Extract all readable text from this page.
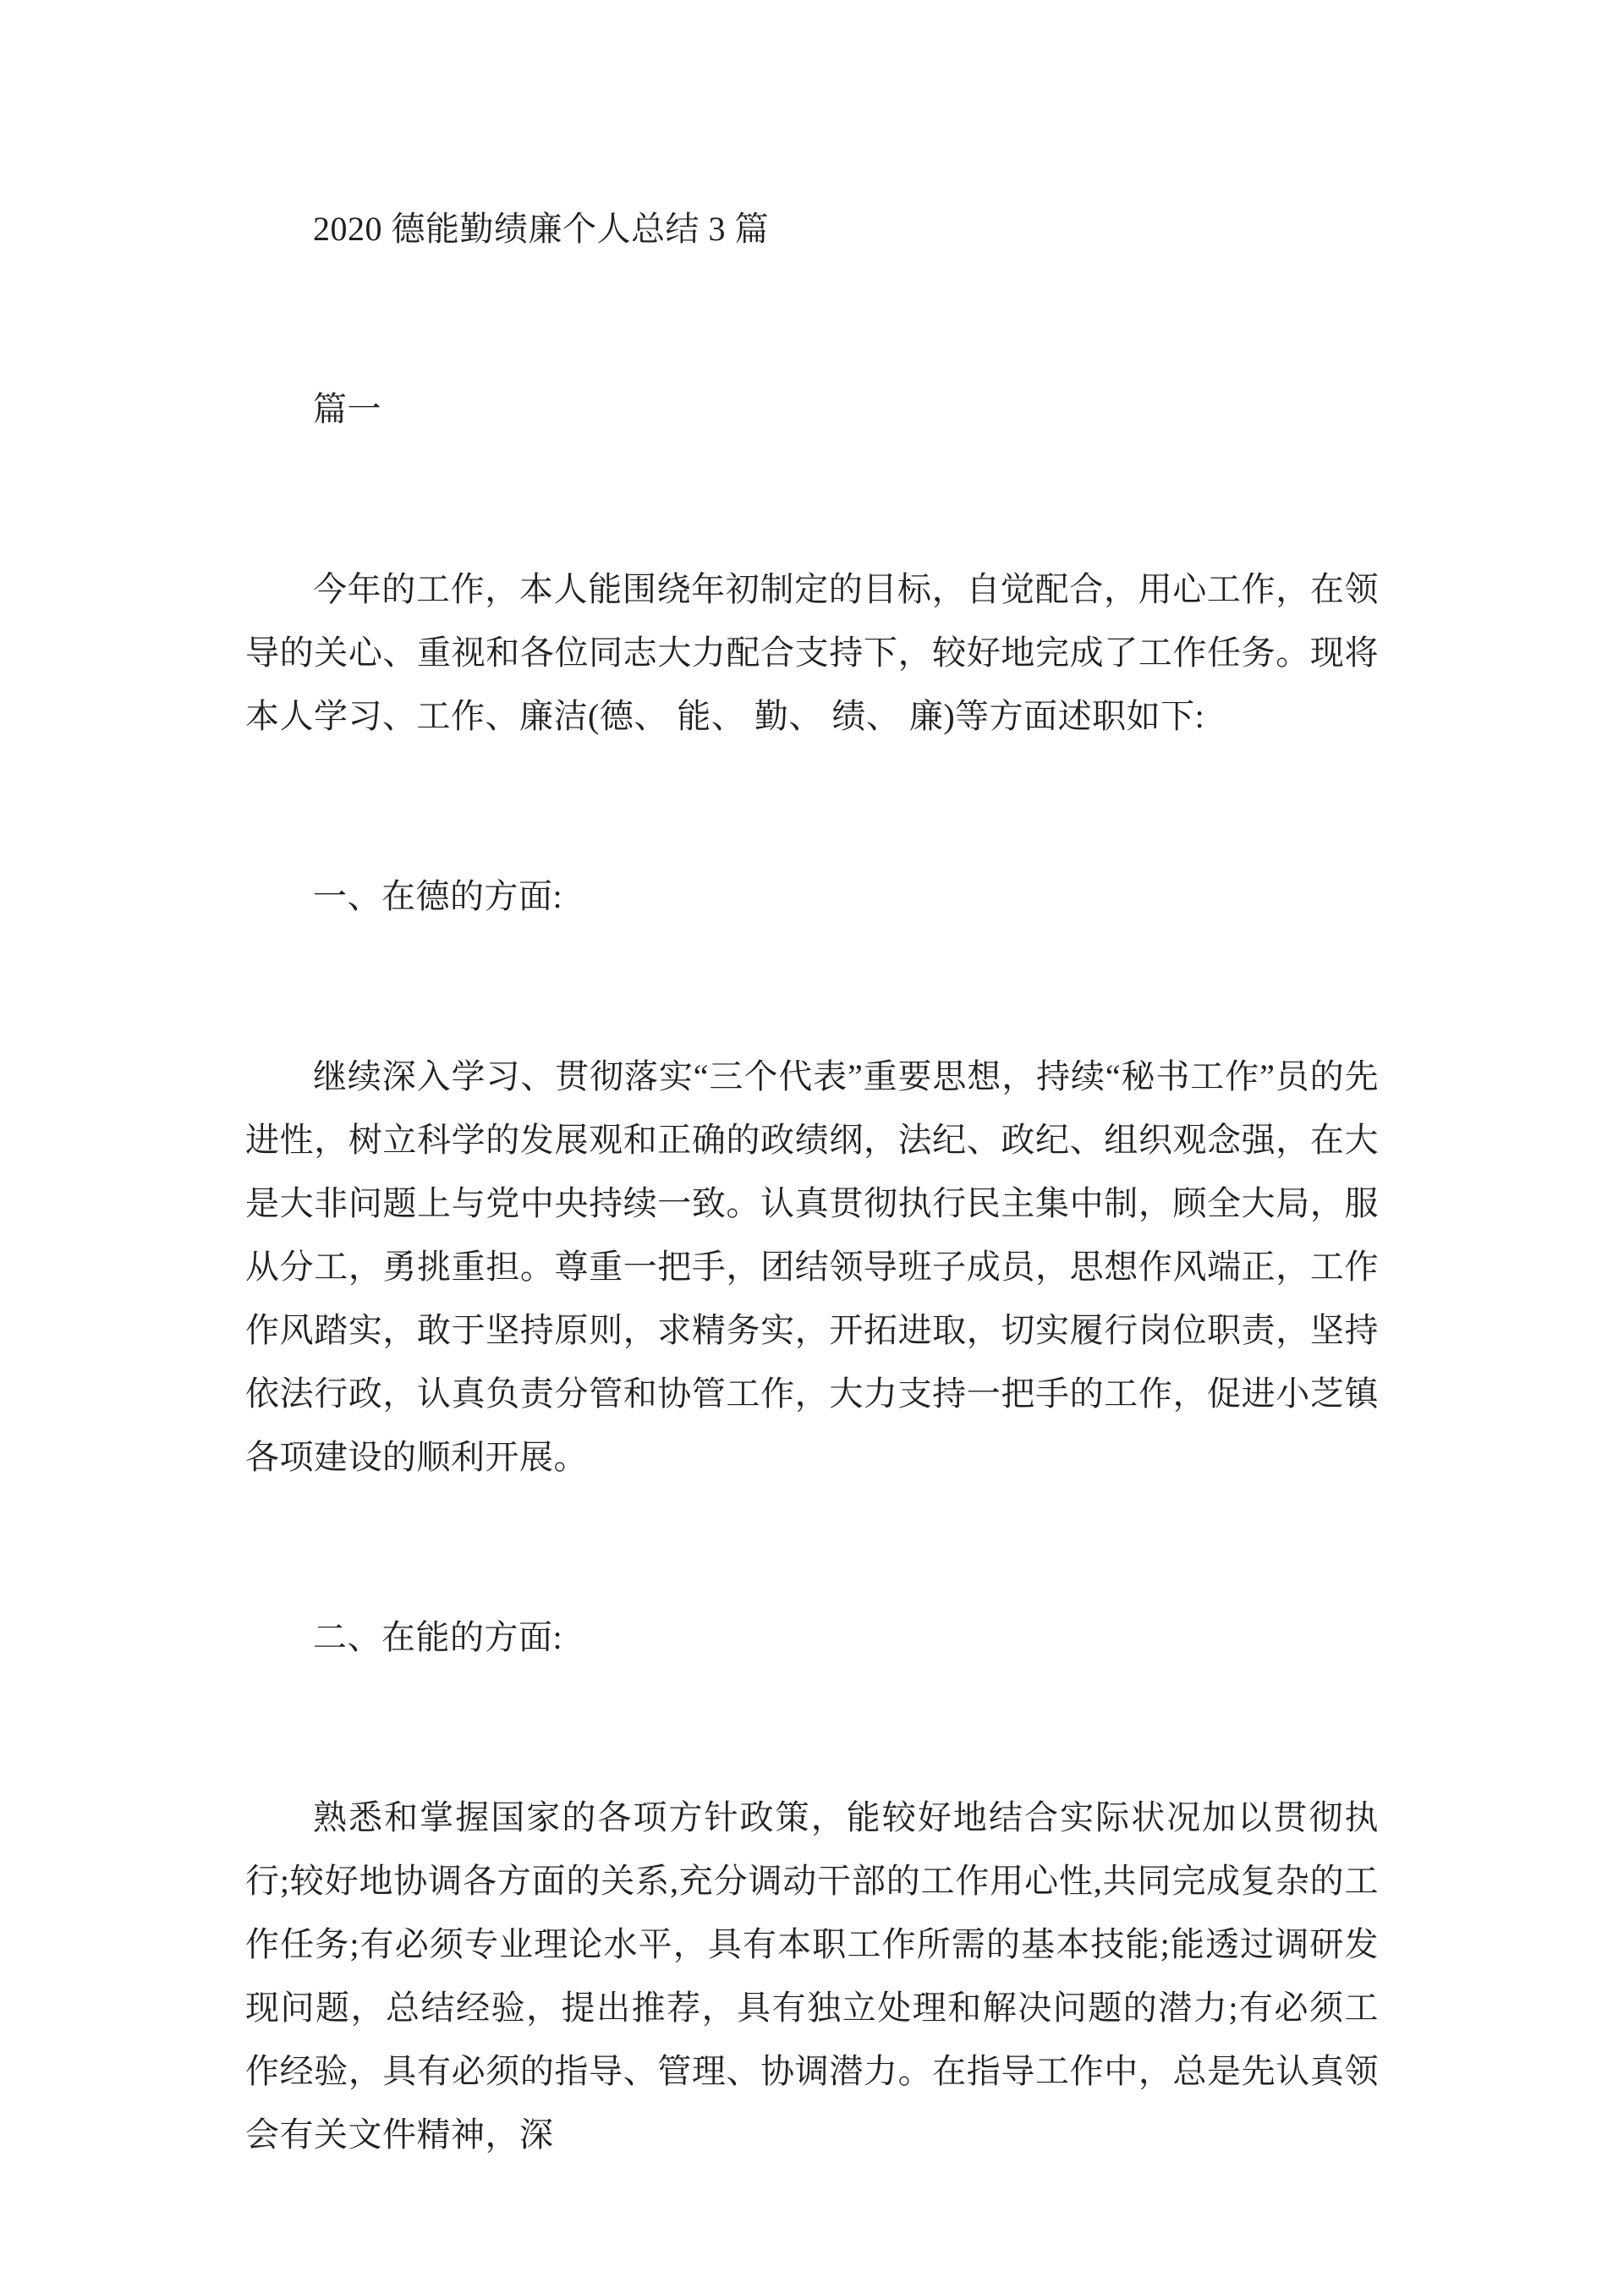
2020 德能勤绩廉个人总结 3 篇
篇一

今年的工作，本人能围绕年初制定的目标，自觉配合，用心工作，在领导的关心、重视和各位同志大力配合支持下，较好地完成了工作任务。现将本人学习、工作、廉洁(德、 能、 勤、 绩、 廉)等方面述职如下:

一、在德的方面:

继续深入学习、贯彻落实“三个代表”重要思想，持续“秘书工作”员的先进性，树立科学的发展观和正确的政绩纲，法纪、政纪、组织观念强，在大是大非问题上与党中央持续一致。认真贯彻执行民主集中制，顾全大局，服从分工，勇挑重担。尊重一把手，团结领导班子成员，思想作风端正，工作作风踏实，敢于坚持原则，求精务实，开拓进取，切实履行岗位职责，坚持依法行政，认真负责分管和协管工作，大力支持一把手的工作，促进小芝镇各项建设的顺利开展。

二、在能的方面:

熟悉和掌握国家的各项方针政策，能较好地结合实际状况加以贯彻执行;较好地协调各方面的关系,充分调动干部的工作用心性,共同完成复杂的工作任务;有必须专业理论水平，具有本职工作所需的基本技能;能透过调研发现问题，总结经验，提出推荐，具有独立处理和解决问题的潜力;有必须工作经验，具有必须的指导、管理、协调潜力。在指导工作中，总是先认真领会有关文件精神，深
